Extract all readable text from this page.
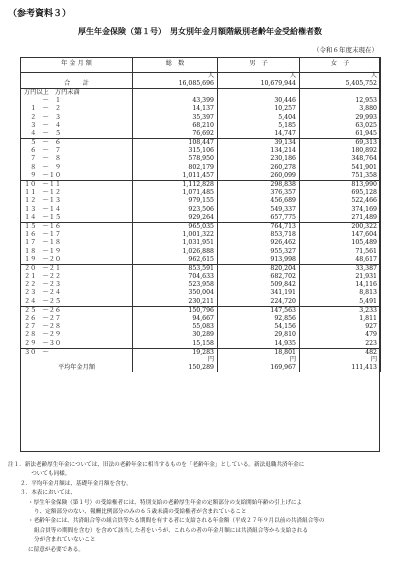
（参考資料３）
厚生年金保険（第１号）　男女別年金月額階級別老齢年金受給権者数
（令和６年度末現在）
年 金 月 額	総　数	男　子	女　子
	人	人	人
合　　計	16,085,696	10,679,944	5,405,752
万円以上　万円未満			
　　　～　１	43,399	30,446	12,953
　１　～　２	14,137	10,257	3,880
　２　～　３	35,397	5,404	29,993
　３　～　４	68,210	5,185	63,025
　４　～　５	76,692	14,747	61,945
　５　～　６	108,447	39,134	69,313
　６　～　７	315,106	134,214	180,892
　７　～　８	578,950	230,186	348,764
　８　～　９	802,179	260,278	541,901
　９　～１０	1,011,457	260,099	751,358
１０　～１１	1,112,828	298,838	813,990
１１　～１２	1,071,485	376,357	695,128
１２　～１３	979,155	456,689	522,466
１３　～１４	923,506	549,337	374,169
１４　～１５	929,264	657,775	271,489
１５　～１６	965,035	764,713	200,322
１６　～１７	1,001,322	853,718	147,604
１７　～１８	1,031,951	926,462	105,489
１８　～１９	1,026,888	955,327	71,561
１９　～２０	962,615	913,998	48,617
２０　～２１	853,591	820,204	33,387
２１　～２２	704,633	682,702	21,931
２２　～２３	523,958	509,842	14,116
２３　～２４	350,004	341,191	8,813
２４　～２５	230,211	224,720	5,491
２５　～２６	150,796	147,563	3,233
２６　～２７	94,667	92,856	1,811
２７　～２８	55,083	54,156	927
２８　～２９	30,289	29,810	479
２９　～３０	15,158	14,935	223
３０　～	19,283	18,801	482
	円	円	円
平均年金月額	150,289	169,967	111,413
注１．新法老齢厚生年金については、旧法の老齢年金に相当するものを「老齢年金」としている。新法退職共済年金に
　　ついても同様。
２．平均年金月額は、基礎年金月額を含む。
３．本表においては、
・厚生年金保険（第１号）の受給権者には、特別支給の老齢厚生年金の定額部分の支給開始年齢の引上げによ
り、定額部分のない、報酬比例部分のみの６５歳未満の受給権者が含まれていること
・老齢年金には、共済組合等の組合員等たる期間を有する者に支給される年金額（平成２７年９月以前の共済組合等の
組合員等の期間を含む）を含めて該当した者をいうが、これらの者の年金月額には共済組合等から支給される
分が含まれていないこと
に留意が必要である。
